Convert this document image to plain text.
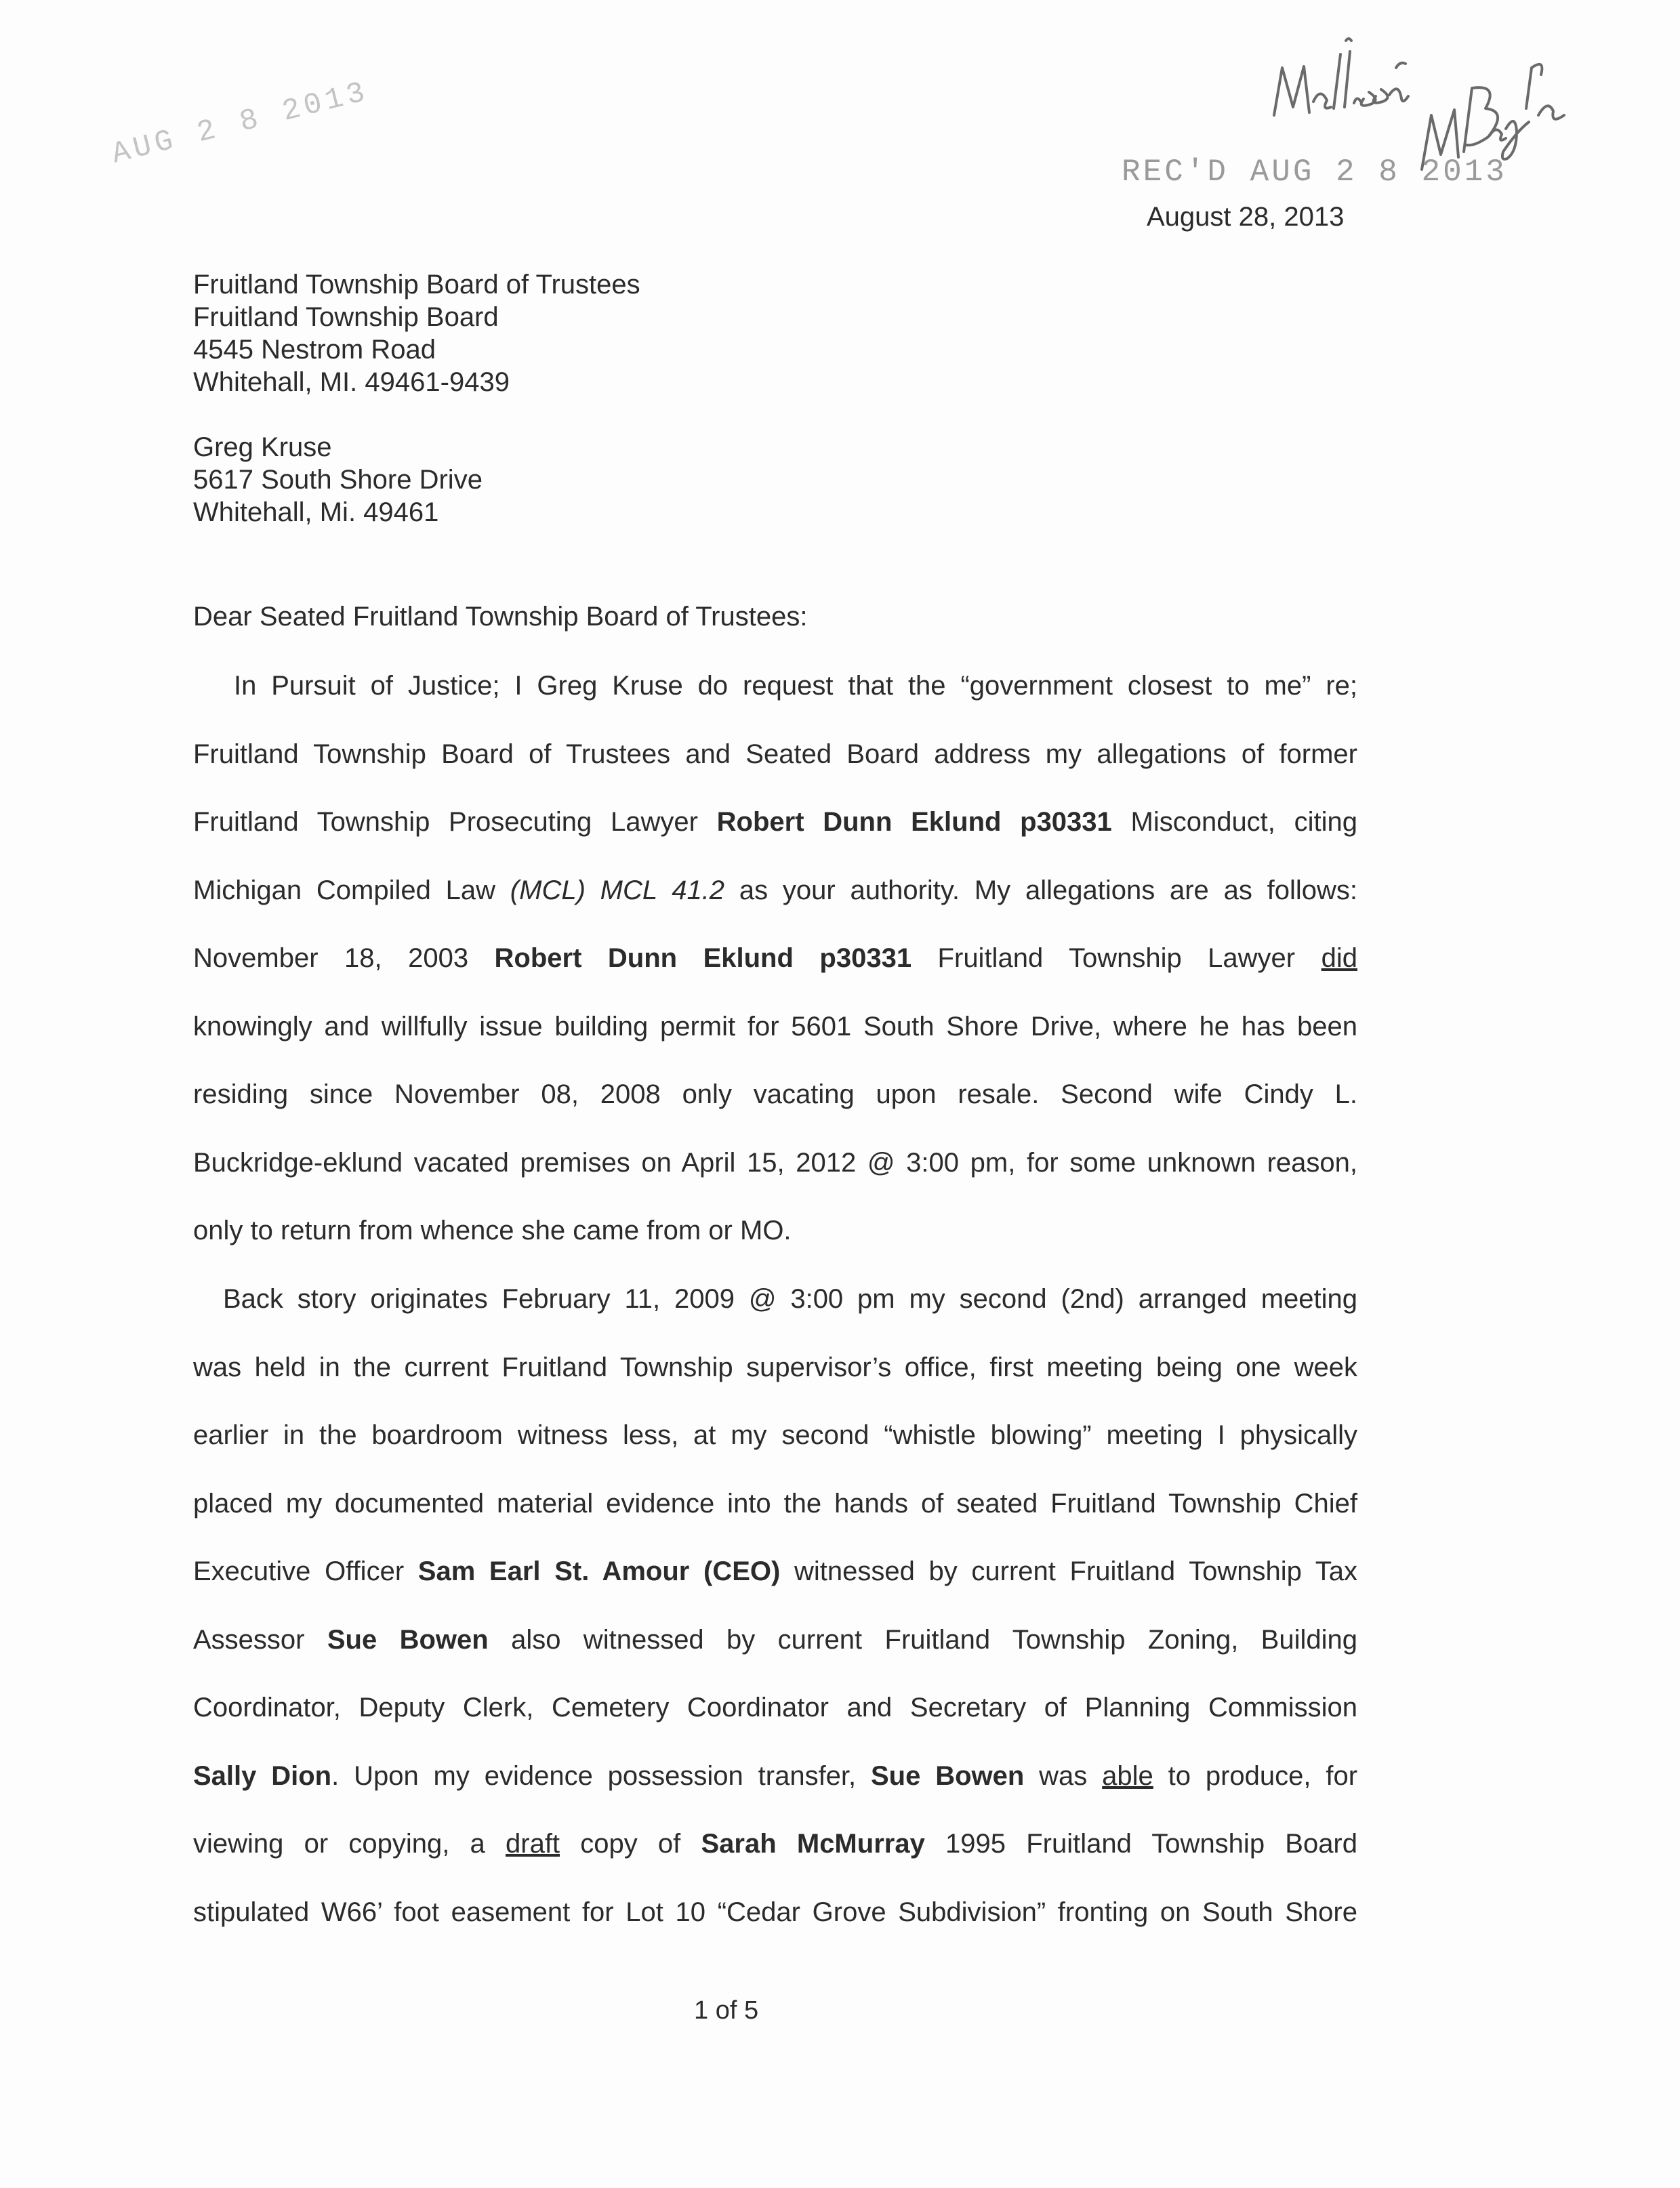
AUG 2 8 2013
REC'D AUG 2 8 2013
August 28, 2013
Fruitland Township Board of Trustees
Fruitland Township Board
4545 Nestrom Road
Whitehall, MI. 49461-9439
Greg Kruse
5617 South Shore Drive
Whitehall, Mi. 49461
Dear Seated Fruitland Township Board of Trustees:
In Pursuit of Justice; I Greg Kruse do request that the “government closest to me” re;
Fruitland Township Board of Trustees and Seated Board address my allegations of former
Fruitland Township Prosecuting Lawyer Robert Dunn Eklund p30331 Misconduct, citing
Michigan Compiled Law (MCL) MCL 41.2 as your authority. My allegations are as follows:
November 18, 2003 Robert Dunn Eklund p30331 Fruitland Township Lawyer did
knowingly and willfully issue building permit for 5601 South Shore Drive, where he has been
residing since November 08, 2008 only vacating upon resale. Second wife Cindy L.
Buckridge-eklund vacated premises on April 15, 2012 @ 3:00 pm, for some unknown reason,
only to return from whence she came from or MO.
Back story originates February 11, 2009 @ 3:00 pm my second (2nd) arranged meeting
was held in the current Fruitland Township supervisor’s office, first meeting being one week
earlier in the boardroom witness less, at my second “whistle blowing” meeting I physically
placed my documented material evidence into the hands of seated Fruitland Township Chief
Executive Officer Sam Earl St. Amour (CEO) witnessed by current Fruitland Township Tax
Assessor Sue Bowen also witnessed by current Fruitland Township Zoning, Building
Coordinator, Deputy Clerk, Cemetery Coordinator and Secretary of Planning Commission
Sally Dion. Upon my evidence possession transfer, Sue Bowen was able to produce, for
viewing or copying, a draft copy of Sarah McMurray 1995 Fruitland Township Board
stipulated W66’ foot easement for Lot 10 “Cedar Grove Subdivision” fronting on South Shore
1 of 5
